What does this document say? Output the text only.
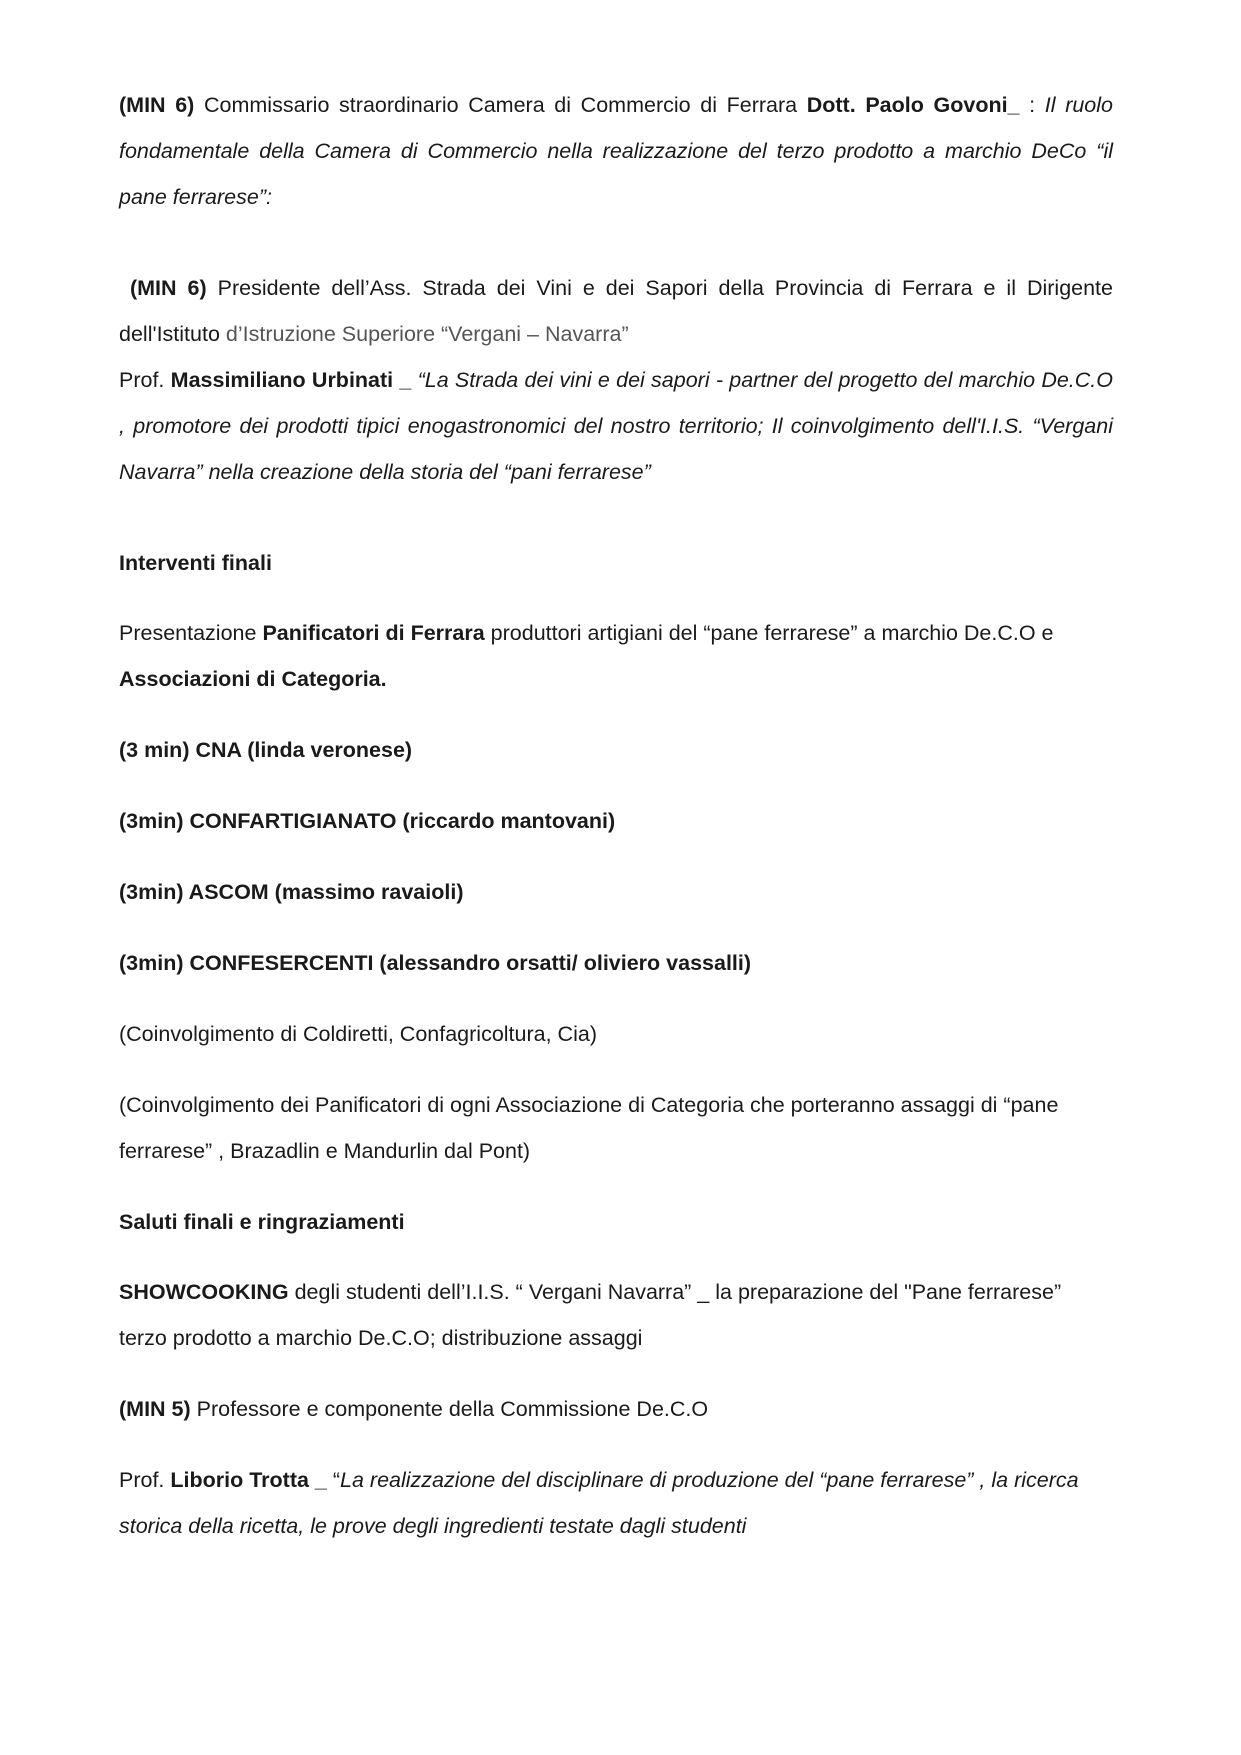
(MIN 6) Commissario straordinario Camera di Commercio di Ferrara Dott. Paolo Govoni_ : Il ruolo fondamentale della Camera di Commercio nella realizzazione del terzo prodotto a marchio DeCo “il pane ferrarese”:

(MIN 6) Presidente dell’Ass. Strada dei Vini e dei Sapori della Provincia di Ferrara e il Dirigente dell'Istituto d’Istruzione Superiore “Vergani – Navarra”
Prof. Massimiliano Urbinati _ “La Strada dei vini e dei sapori - partner del progetto del marchio De.C.O , promotore dei prodotti tipici enogastronomici del nostro territorio; Il coinvolgimento dell'I.I.S. “Vergani Navarra” nella creazione della storia del “pani ferrarese”

Interventi finali

Presentazione Panificatori di Ferrara produttori artigiani del “pane ferrarese” a marchio De.C.O e Associazioni di Categoria.

(3 min) CNA (linda veronese)

(3min) CONFARTIGIANATO (riccardo mantovani)

(3min) ASCOM (massimo ravaioli)

(3min) CONFESERCENTI (alessandro orsatti/ oliviero vassalli)

(Coinvolgimento di Coldiretti, Confagricoltura, Cia)

(Coinvolgimento dei Panificatori di ogni Associazione di Categoria che porteranno assaggi di “pane ferrarese” , Brazadlin e Mandurlin dal Pont)

Saluti finali e ringraziamenti

SHOWCOOKING degli studenti dell’I.I.S. “ Vergani Navarra” _ la preparazione del "Pane ferrarese” terzo prodotto a marchio De.C.O; distribuzione assaggi

(MIN 5) Professore e componente della Commissione De.C.O

Prof. Liborio Trotta _ “La realizzazione del disciplinare di produzione del “pane ferrarese” , la ricerca storica della ricetta, le prove degli ingredienti testate dagli studenti
